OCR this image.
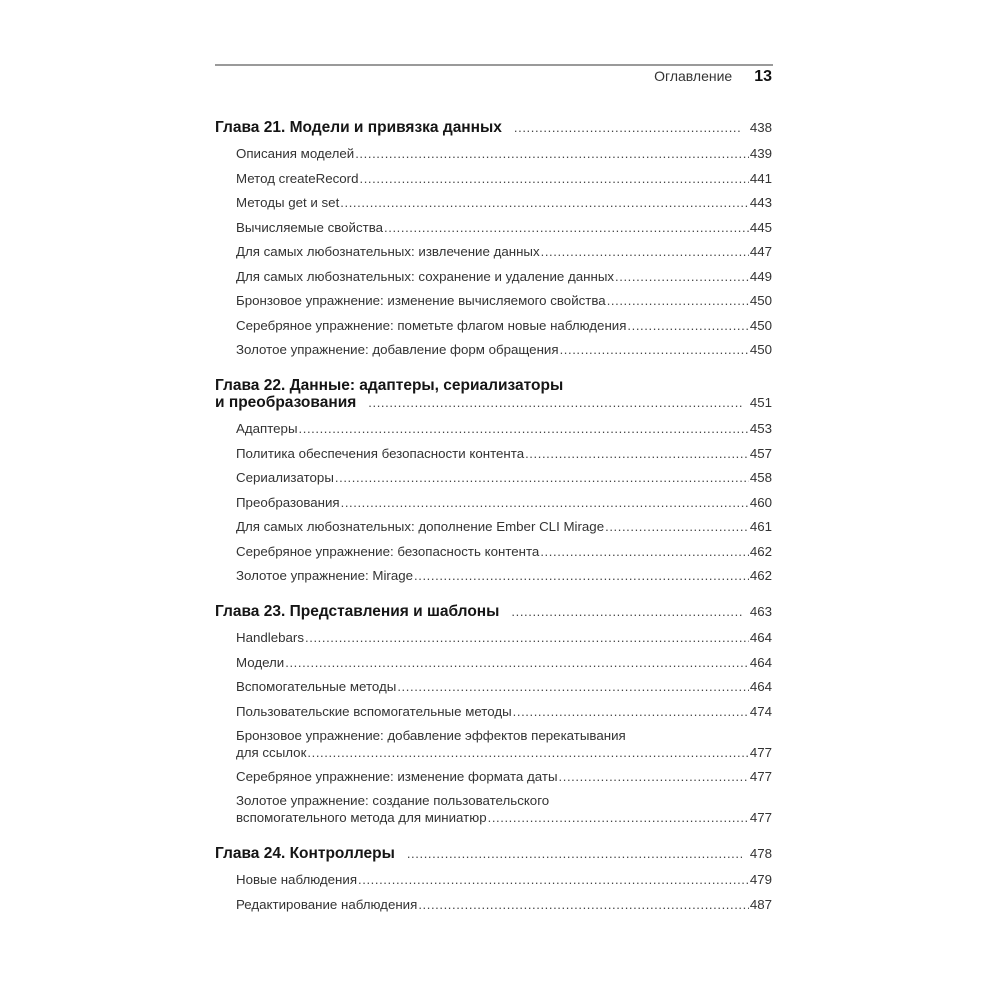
Оглавление 13
Глава 21. Модели и привязка данных .....	438
Описания моделей .....	439
Метод createRecord .....	441
Методы get и set .....	443
Вычисляемые свойства .....	445
Для самых любознательных: извлечение данных .....	447
Для самых любознательных: сохранение и удаление данных .....	449
Бронзовое упражнение: изменение вычисляемого свойства .....	450
Серебряное упражнение: пометьте флагом новые наблюдения .....	450
Золотое упражнение: добавление форм обращения .....	450
Глава 22. Данные: адаптеры, сериализаторы
и преобразования .....	451
Адаптеры .....	453
Политика обеспечения безопасности контента .....	457
Сериализаторы .....	458
Преобразования .....	460
Для самых любознательных: дополнение Ember CLI Mirage .....	461
Серебряное упражнение: безопасность контента .....	462
Золотое упражнение: Mirage .....	462
Глава 23. Представления и шаблоны .....	463
Handlebars .....	464
Модели .....	464
Вспомогательные методы .....	464
Пользовательские вспомогательные методы .....	474
Бронзовое упражнение: добавление эффектов перекатывания
для ссылок .....	477
Серебряное упражнение: изменение формата даты .....	477
Золотое упражнение: создание пользовательского
вспомогательного метода для миниатюр .....	477
Глава 24. Контроллеры .....	478
Новые наблюдения .....	479
Редактирование наблюдения .....	487
